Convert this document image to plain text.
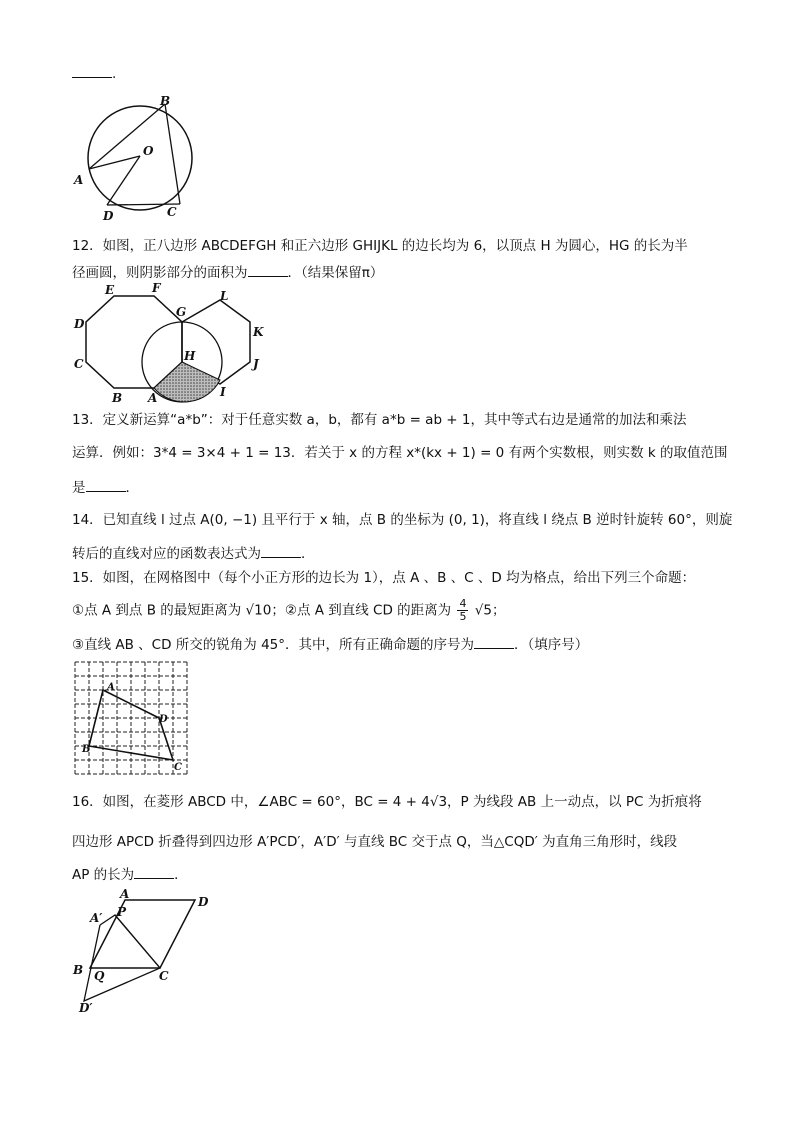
.
B
O
A
D	C
12．如图，正八边形 ABCDEFGH 和正六边形 GHIJKL 的边长均为 6，以顶点 H 为圆心，HG 的长为半
径画圆，则阴影部分的面积为	．（结果保留π）
E	F
L
G
D
K
H
C	J
B A	I
13．定义新运算“a*b”：对于任意实数 a，b，都有 a*b = ab + 1，其中等式右边是通常的加法和乘法
运算．例如：3*4 = 3×4 + 1 = 13．若关于 x 的方程 x*(kx + 1) = 0 有两个实数根，则实数 k 的取值范围
是	．
14．已知直线 l 过点 A(0, −1) 且平行于 x 轴，点 B 的坐标为 (0, 1)，将直线 l 绕点 B 逆时针旋转 60°，则旋
转后的直线对应的函数表达式为	．
15．如图，在网格图中（每个小正方形的边长为 1），点 A 、B 、C 、D 均为格点，给出下列三个命题：
①点 A 到点 B 的最短距离为 √10；②点 A 到直线 CD 的距离为 $\frac{4}{5} √5$；
③直线 AB 、CD 所交的锐角为 45°．其中，所有正确命题的序号为	．（填序号）
A
D
B
C
16．如图，在菱形 ABCD 中，∠ABC = 60°，BC = 4 + 4√3，P 为线段 AB 上一动点，以 PC 为折痕将
四边形 APCD 折叠得到四边形 A′PCD′，A′D′ 与直线 BC 交于点 Q，当△CQD′ 为直角三角形时，线段
AP 的长为	．
A
D
A′ P
B Q	C
D′
